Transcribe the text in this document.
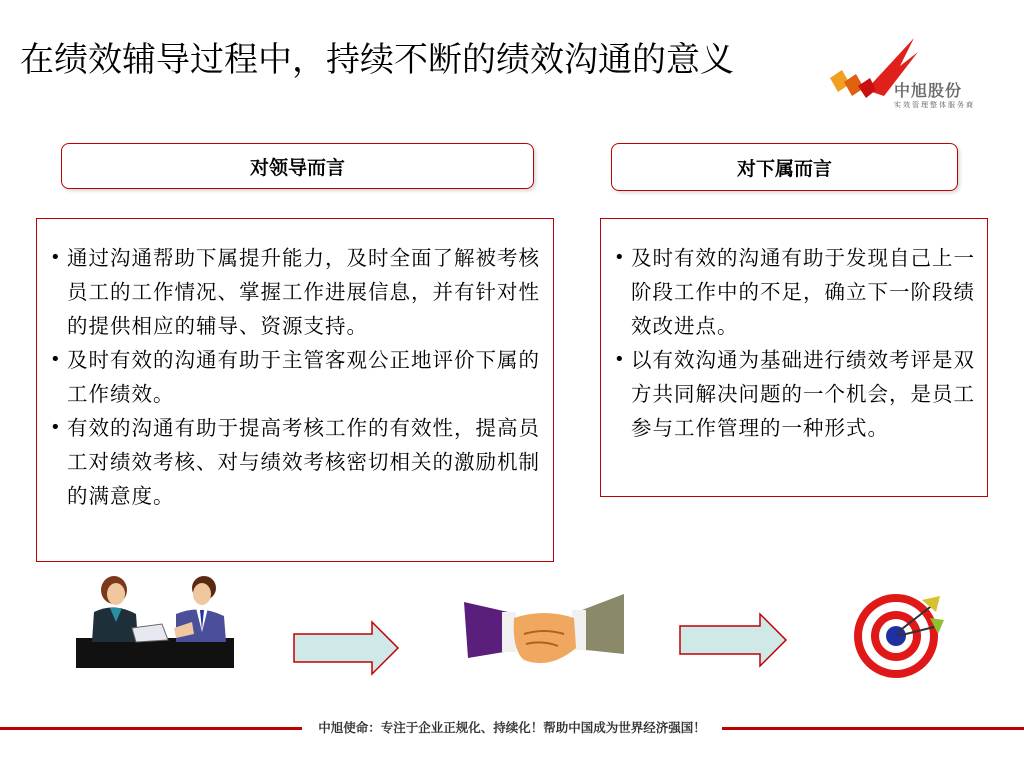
在绩效辅导过程中，持续不断的绩效沟通的意义
中旭股份
实效管理整体服务商
对领导而言	对下属而言
• 通过沟通帮助下属提升能力，及时全面了解被考核员工的工作情况、掌握工作进展信息，并有针对性的提供相应的辅导、资源支持。
• 及时有效的沟通有助于主管客观公正地评价下属的工作绩效。
• 有效的沟通有助于提高考核工作的有效性，提高员工对绩效考核、对与绩效考核密切相关的激励机制的满意度。
• 及时有效的沟通有助于发现自己上一阶段工作中的不足，确立下一阶段绩效改进点。
• 以有效沟通为基础进行绩效考评是双方共同解决问题的一个机会，是员工参与工作管理的一种形式。
中旭使命：专注于企业正规化、持续化！帮助中国成为世界经济强国！
